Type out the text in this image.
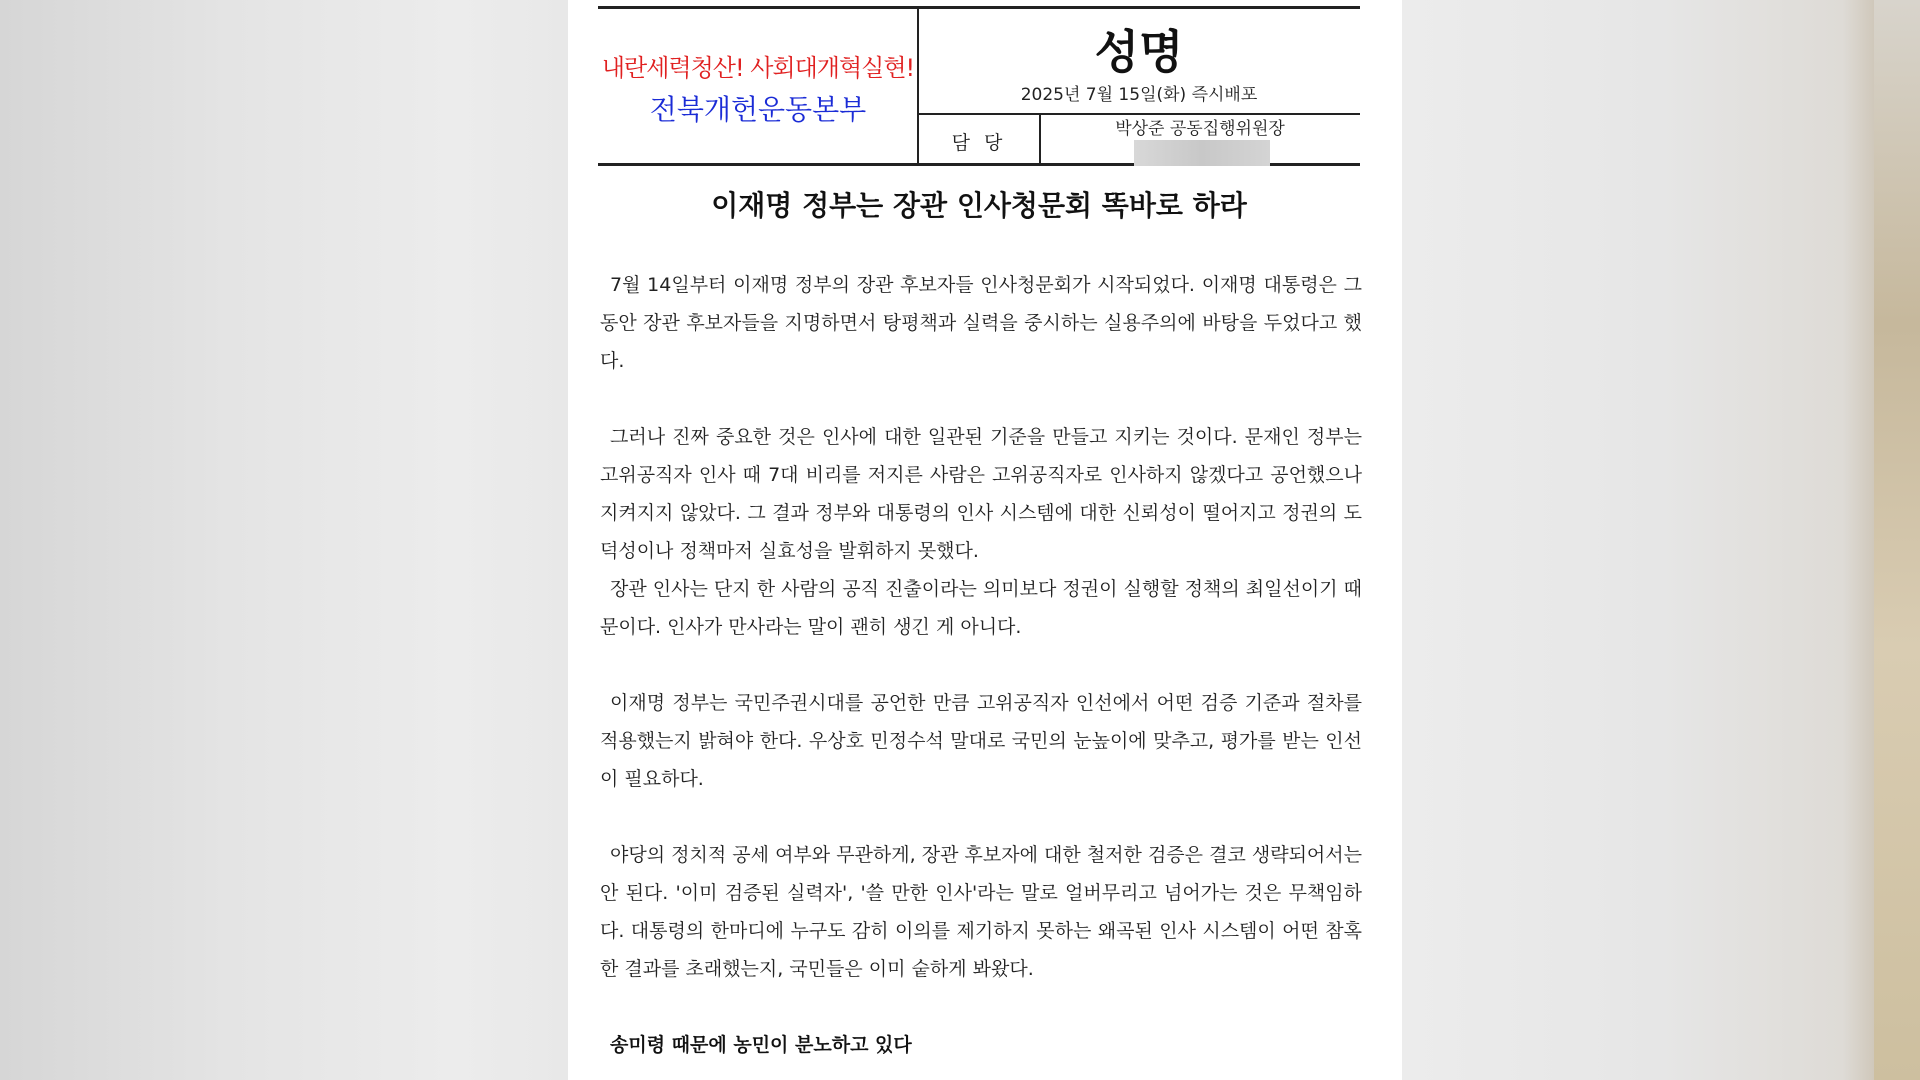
내란세력청산! 사회대개혁실현!
전북개헌운동본부
성명
2025년 7월 15일(화) 즉시배포
담 당
박상준 공동집행위원장
이재명 정부는 장관 인사청문회 똑바로 하라

7월 14일부터 이재명 정부의 장관 후보자들 인사청문회가 시작되었다. 이재명 대통령은 그동안 장관 후보자들을 지명하면서 탕평책과 실력을 중시하는 실용주의에 바탕을 두었다고 했다.

그러나 진짜 중요한 것은 인사에 대한 일관된 기준을 만들고 지키는 것이다. 문재인 정부는 고위공직자 인사 때 7대 비리를 저지른 사람은 고위공직자로 인사하지 않겠다고 공언했으나 지켜지지 않았다. 그 결과 정부와 대통령의 인사 시스템에 대한 신뢰성이 떨어지고 정권의 도덕성이나 정책마저 실효성을 발휘하지 못했다.

장관 인사는 단지 한 사람의 공직 진출이라는 의미보다 정권이 실행할 정책의 최일선이기 때문이다. 인사가 만사라는 말이 괜히 생긴 게 아니다.

이재명 정부는 국민주권시대를 공언한 만큼 고위공직자 인선에서 어떤 검증 기준과 절차를 적용했는지 밝혀야 한다. 우상호 민정수석 말대로 국민의 눈높이에 맞추고, 평가를 받는 인선이 필요하다.

야당의 정치적 공세 여부와 무관하게, 장관 후보자에 대한 철저한 검증은 결코 생략되어서는 안 된다. '이미 검증된 실력자', '쓸 만한 인사'라는 말로 얼버무리고 넘어가는 것은 무책임하다. 대통령의 한마디에 누구도 감히 이의를 제기하지 못하는 왜곡된 인사 시스템이 어떤 참혹한 결과를 초래했는지, 국민들은 이미 숱하게 봐왔다.

송미령 때문에 농민이 분노하고 있다
